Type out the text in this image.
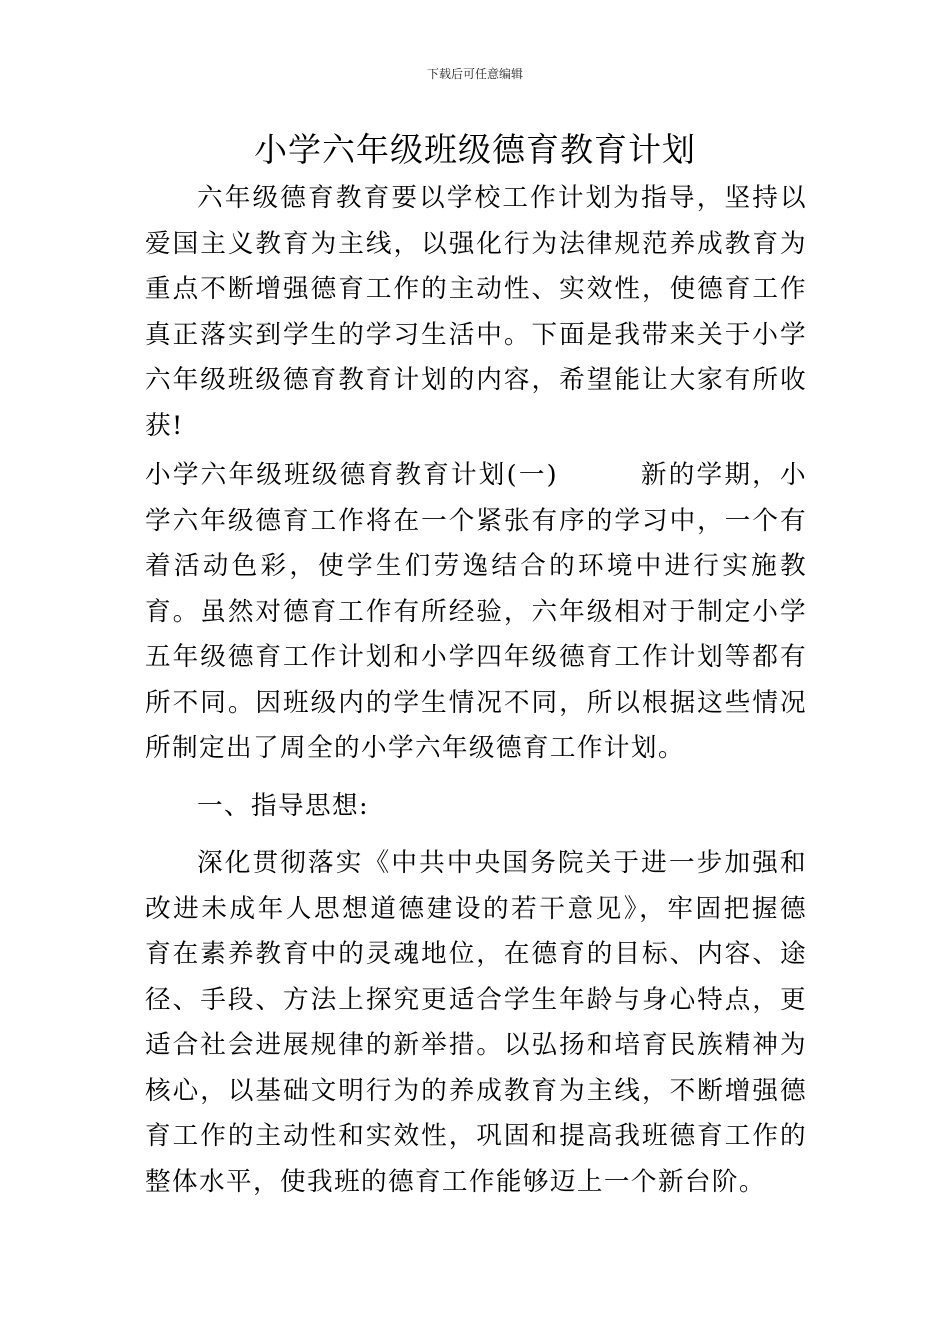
下载后可任意编辑
小学六年级班级德育教育计划

六年级德育教育要以学校工作计划为指导，坚持以爱国主义教育为主线，以强化行为法律规范养成教育为重点不断增强德育工作的主动性、实效性，使德育工作真正落实到学生的学习生活中。下面是我带来关于小学六年级班级德育教育计划的内容，希望能让大家有所收获!

小学六年级班级德育教育计划(一)	新的学期，小学六年级德育工作将在一个紧张有序的学习中，一个有着活动色彩，使学生们劳逸结合的环境中进行实施教育。虽然对德育工作有所经验，六年级相对于制定小学五年级德育工作计划和小学四年级德育工作计划等都有所不同。因班级内的学生情况不同，所以根据这些情况所制定出了周全的小学六年级德育工作计划。

一、指导思想:

深化贯彻落实《中共中央国务院关于进一步加强和改进未成年人思想道德建设的若干意见》，牢固把握德育在素养教育中的灵魂地位，在德育的目标、内容、途径、手段、方法上探究更适合学生年龄与身心特点，更适合社会进展规律的新举措。以弘扬和培育民族精神为核心，以基础文明行为的养成教育为主线，不断增强德育工作的主动性和实效性，巩固和提高我班德育工作的整体水平，使我班的德育工作能够迈上一个新台阶。
